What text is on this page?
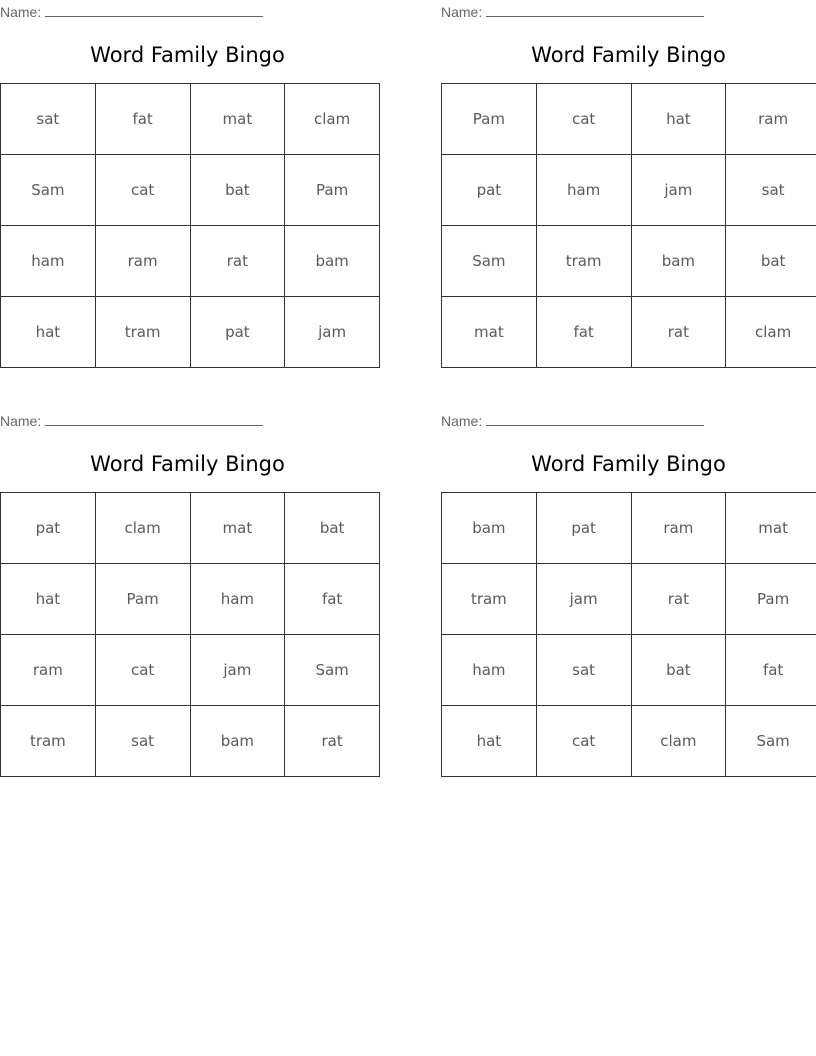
Name:
Word Family Bingo
sat	fat	mat	clam
Sam	cat	bat	Pam
ham	ram	rat	bam
hat	tram	pat	jam
Name:
Word Family Bingo
Pam	cat	hat	ram
pat	ham	jam	sat
Sam	tram	bam	bat
mat	fat	rat	clam
Name:
Word Family Bingo
pat	clam	mat	bat
hat	Pam	ham	fat
ram	cat	jam	Sam
tram	sat	bam	rat
Name:
Word Family Bingo
bam	pat	ram	mat
tram	jam	rat	Pam
ham	sat	bat	fat
hat	cat	clam	Sam
